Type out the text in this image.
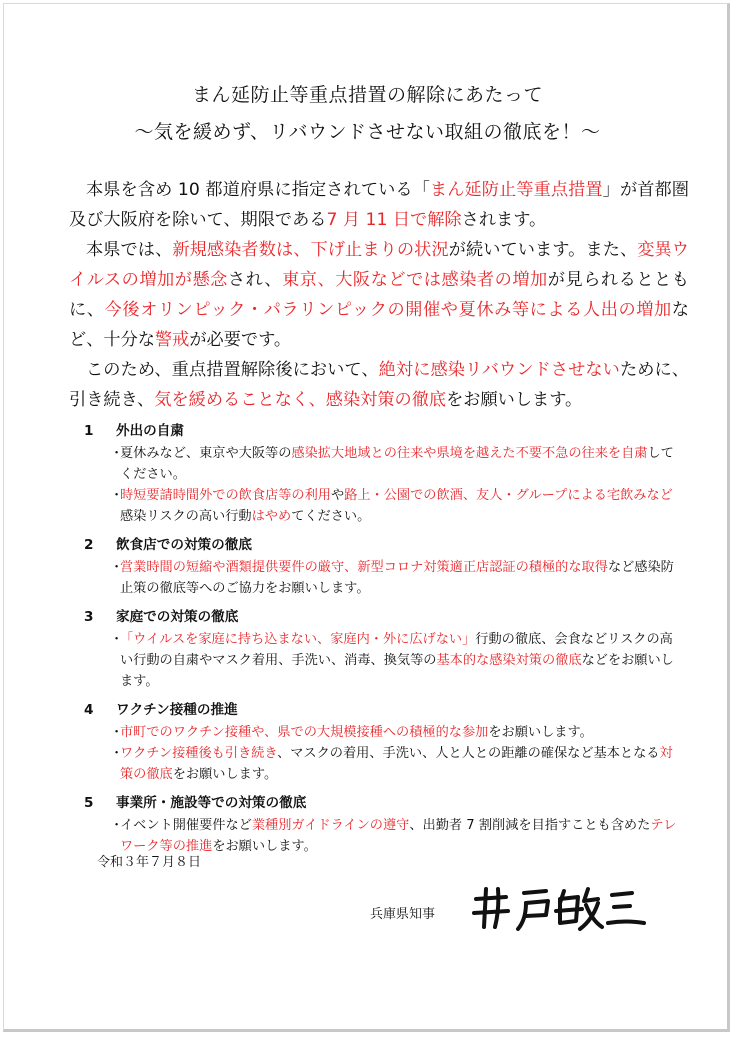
まん延防止等重点措置の解除にあたって
〜気を緩めず、リバウンドさせない取組の徹底を！〜

本県を含め 10 都道府県に指定されている「まん延防止等重点措置」が首都圏及び大阪府を除いて、期限である7 月 11 日で解除されます。

本県では、新規感染者数は、下げ止まりの状況が続いています。また、変異ウイルスの増加が懸念され、東京、大阪などでは感染者の増加が見られるとともに、今後オリンピック・パラリンピックの開催や夏休み等による人出の増加など、十分な警戒が必要です。

このため、重点措置解除後において、絶対に感染リバウンドさせないために、引き続き、気を緩めることなく、感染対策の徹底をお願いします。

1 外出の自粛
・
夏休みなど、東京や大阪等の感染拡大地域との往来や県境を越えた不要不急の往来を自粛してください。
・
時短要請時間外での飲食店等の利用や路上・公園での飲酒、友人・グループによる宅飲みなど感染リスクの高い行動はやめてください。
2 飲食店での対策の徹底
・
営業時間の短縮や酒類提供要件の厳守、新型コロナ対策適正店認証の積極的な取得など感染防止策の徹底等へのご協力をお願いします。
3 家庭での対策の徹底
・
「ウイルスを家庭に持ち込まない、家庭内・外に広げない」行動の徹底、会食などリスクの高い行動の自粛やマスク着用、手洗い、消毒、換気等の基本的な感染対策の徹底などをお願いします。
4 ワクチン接種の推進
・
市町でのワクチン接種や、県での大規模接種への積極的な参加をお願いします。
・
ワクチン接種後も引き続き、マスクの着用、手洗い、人と人との距離の確保など基本となる対策の徹底をお願いします。
5 事業所・施設等での対策の徹底
・
イベント開催要件など業種別ガイドラインの遵守、出勤者 7 割削減を目指すことも含めたテレワーク等の推進をお願いします。
令和３年７月８日
兵庫県知事
